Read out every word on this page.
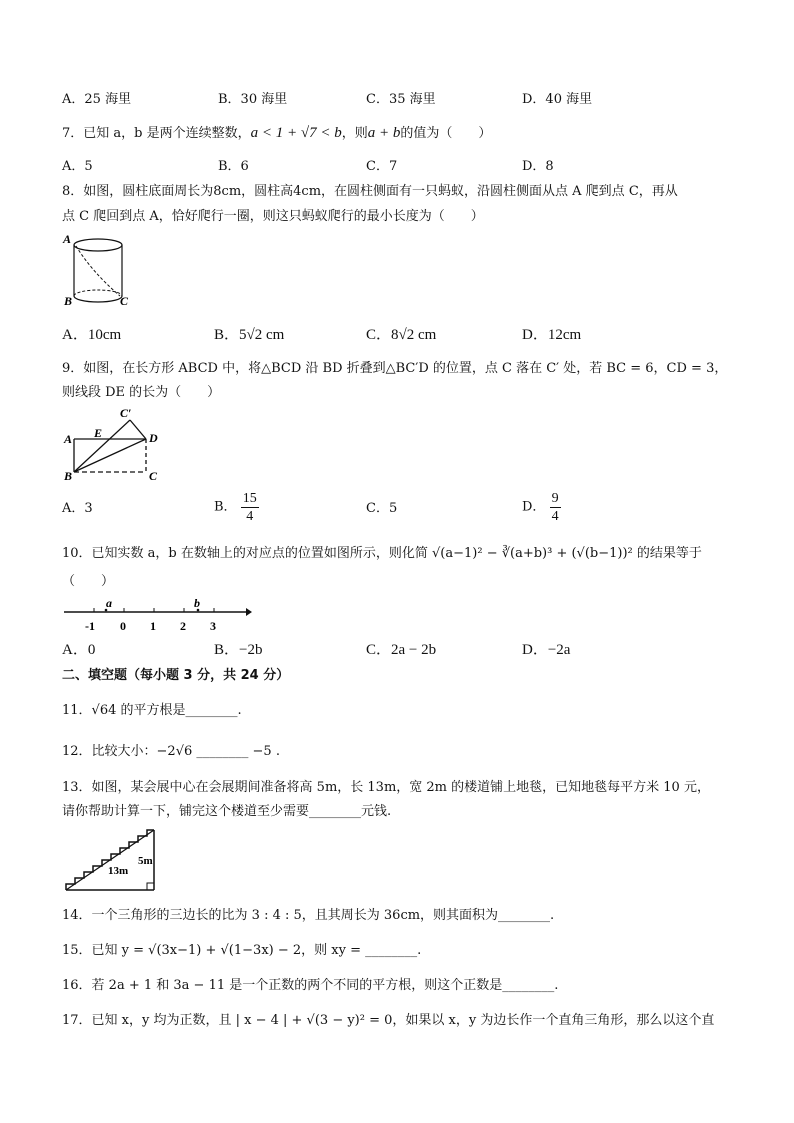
A．25 海里	B．30 海里	C．35 海里	D．40 海里
7．已知 a，b 是两个连续整数，a < 1 + √7 < b，则a + b的值为（　　）
A．5	B．6	C．7	D．8
8．如图，圆柱底面周长为8cm，圆柱高4cm，在圆柱侧面有一只蚂蚁，沿圆柱侧面从点 A 爬到点 C，再从
点 C 爬回到点 A，恰好爬行一圈，则这只蚂蚁爬行的最小长度为（　　）
A
B	C
A．10cm	B．5√2 cm	C．8√2 cm	D．12cm
9．如图，在长方形 ABCD 中，将△BCD 沿 BD 折叠到△BC′D 的位置，点 C 落在 C′ 处，若 BC = 6，CD = 3，
则线段 DE 的长为（　　）
A
B	C
D
E
C′
A．3	B． $\frac{15}{4}$	C．5	D． $\frac{9}{4}$
10．已知实数 a，b 在数轴上的对应点的位置如图所示，则化简 √(a−1)² − ∛(a+b)³ + (√(b−1))² 的结果等于
（　　）
a	b
-1 0 1 2 3
A．0	B．−2b	C．2a − 2b	D．−2a
二、填空题（每小题 3 分，共 24 分）
11．√64 的平方根是________.
12．比较大小：−2√6 ________ −5 .
13．如图，某会展中心在会展期间准备将高 5m，长 13m，宽 2m 的楼道铺上地毯，已知地毯每平方米 10 元，
请你帮助计算一下，铺完这个楼道至少需要________元钱.
13m
5m
14．一个三角形的三边长的比为 3 : 4 : 5，且其周长为 36cm，则其面积为________.
15．已知 y = √(3x−1) + √(1−3x) − 2，则 xy = ________.
16．若 2a + 1 和 3a − 11 是一个正数的两个不同的平方根，则这个正数是________.
17．已知 x，y 均为正数，且 | x − 4 | + √(3 − y)² = 0，如果以 x，y 为边长作一个直角三角形，那么以这个直
